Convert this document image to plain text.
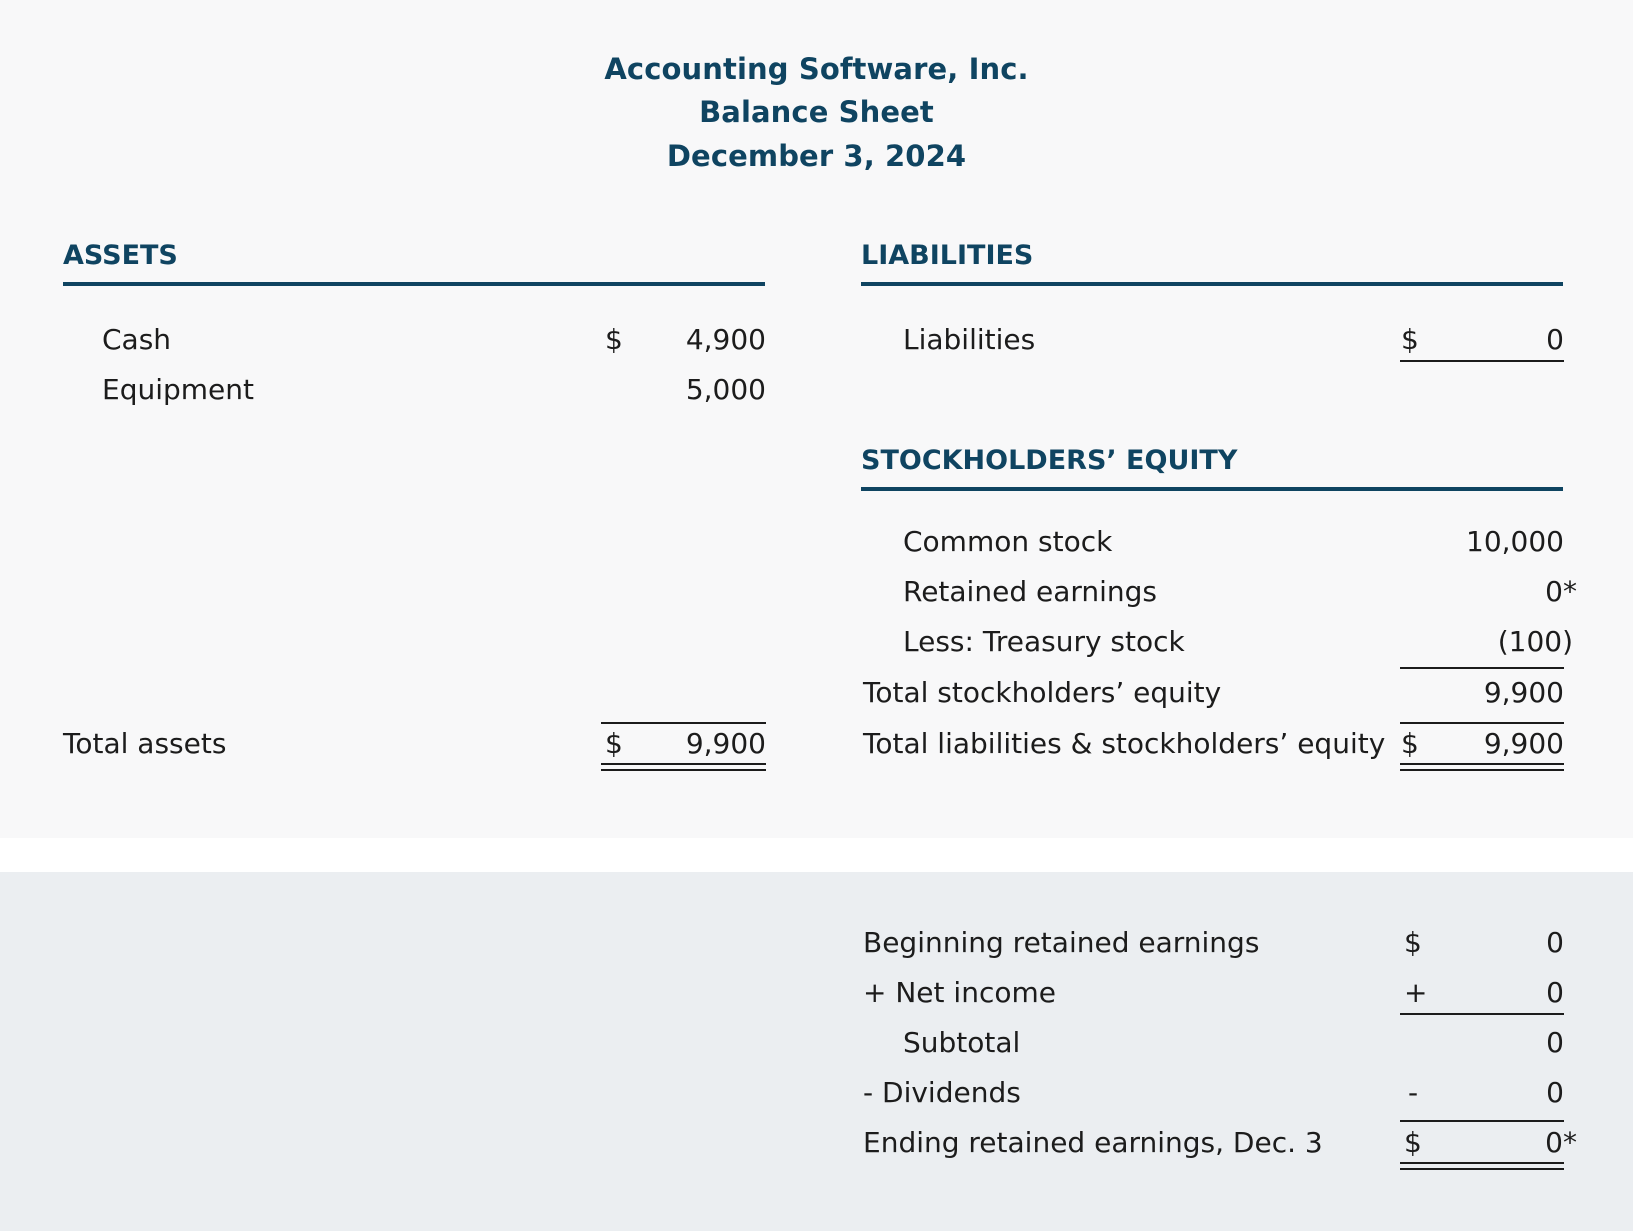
Accounting Software, Inc.
Balance Sheet
December 3, 2024
ASSETS
Cash	$	4,900
Equipment	5,000
Total assets	$	9,900
LIABILITIES
Liabilities	$	0
STOCKHOLDERS’ EQUITY
Common stock	10,000
Retained earnings	0*
Less: Treasury stock	(100)
Total stockholders’ equity	9,900
Total liabilities & stockholders’ equity $	9,900
Beginning retained earnings	$	0
+ Net income	+	0
Subtotal	0
- Dividends	-	0
Ending retained earnings, Dec. 3	$	0*
